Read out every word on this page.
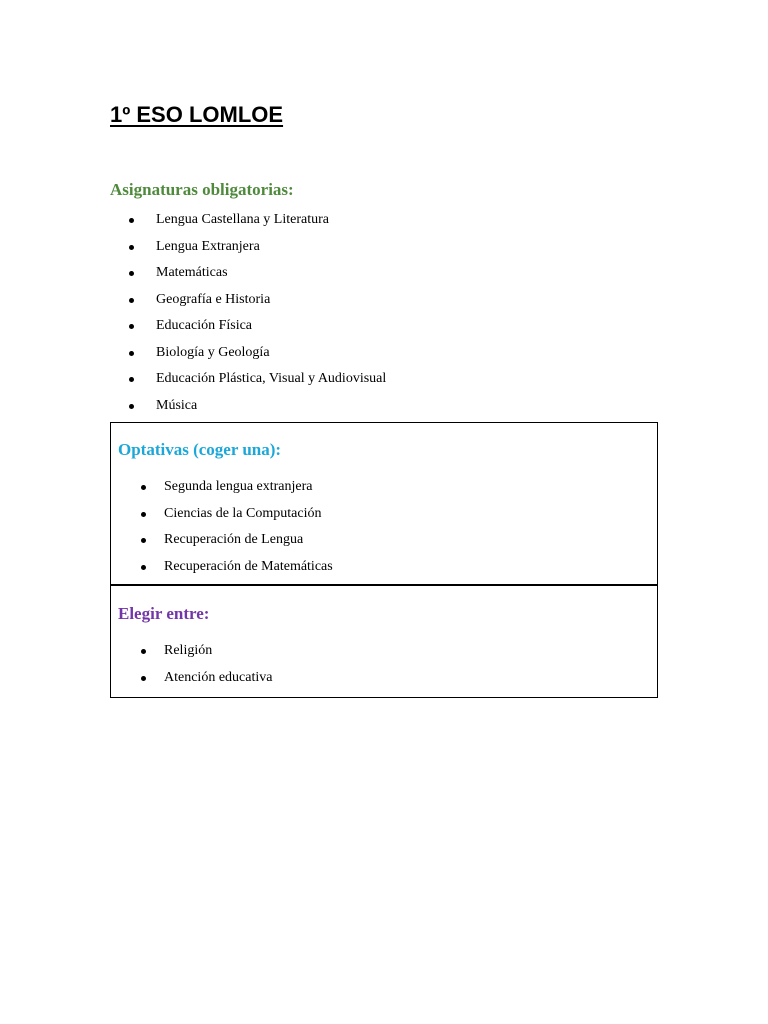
1º ESO LOMLOE
Asignaturas obligatorias:
Lengua Castellana y Literatura
Lengua Extranjera
Matemáticas
Geografía e Historia
Educación Física
Biología y Geología
Educación Plástica, Visual y Audiovisual
Música
Optativas (coger una):
Segunda lengua extranjera
Ciencias de la Computación
Recuperación de Lengua
Recuperación de Matemáticas
Elegir entre:
Religión
Atención educativa
